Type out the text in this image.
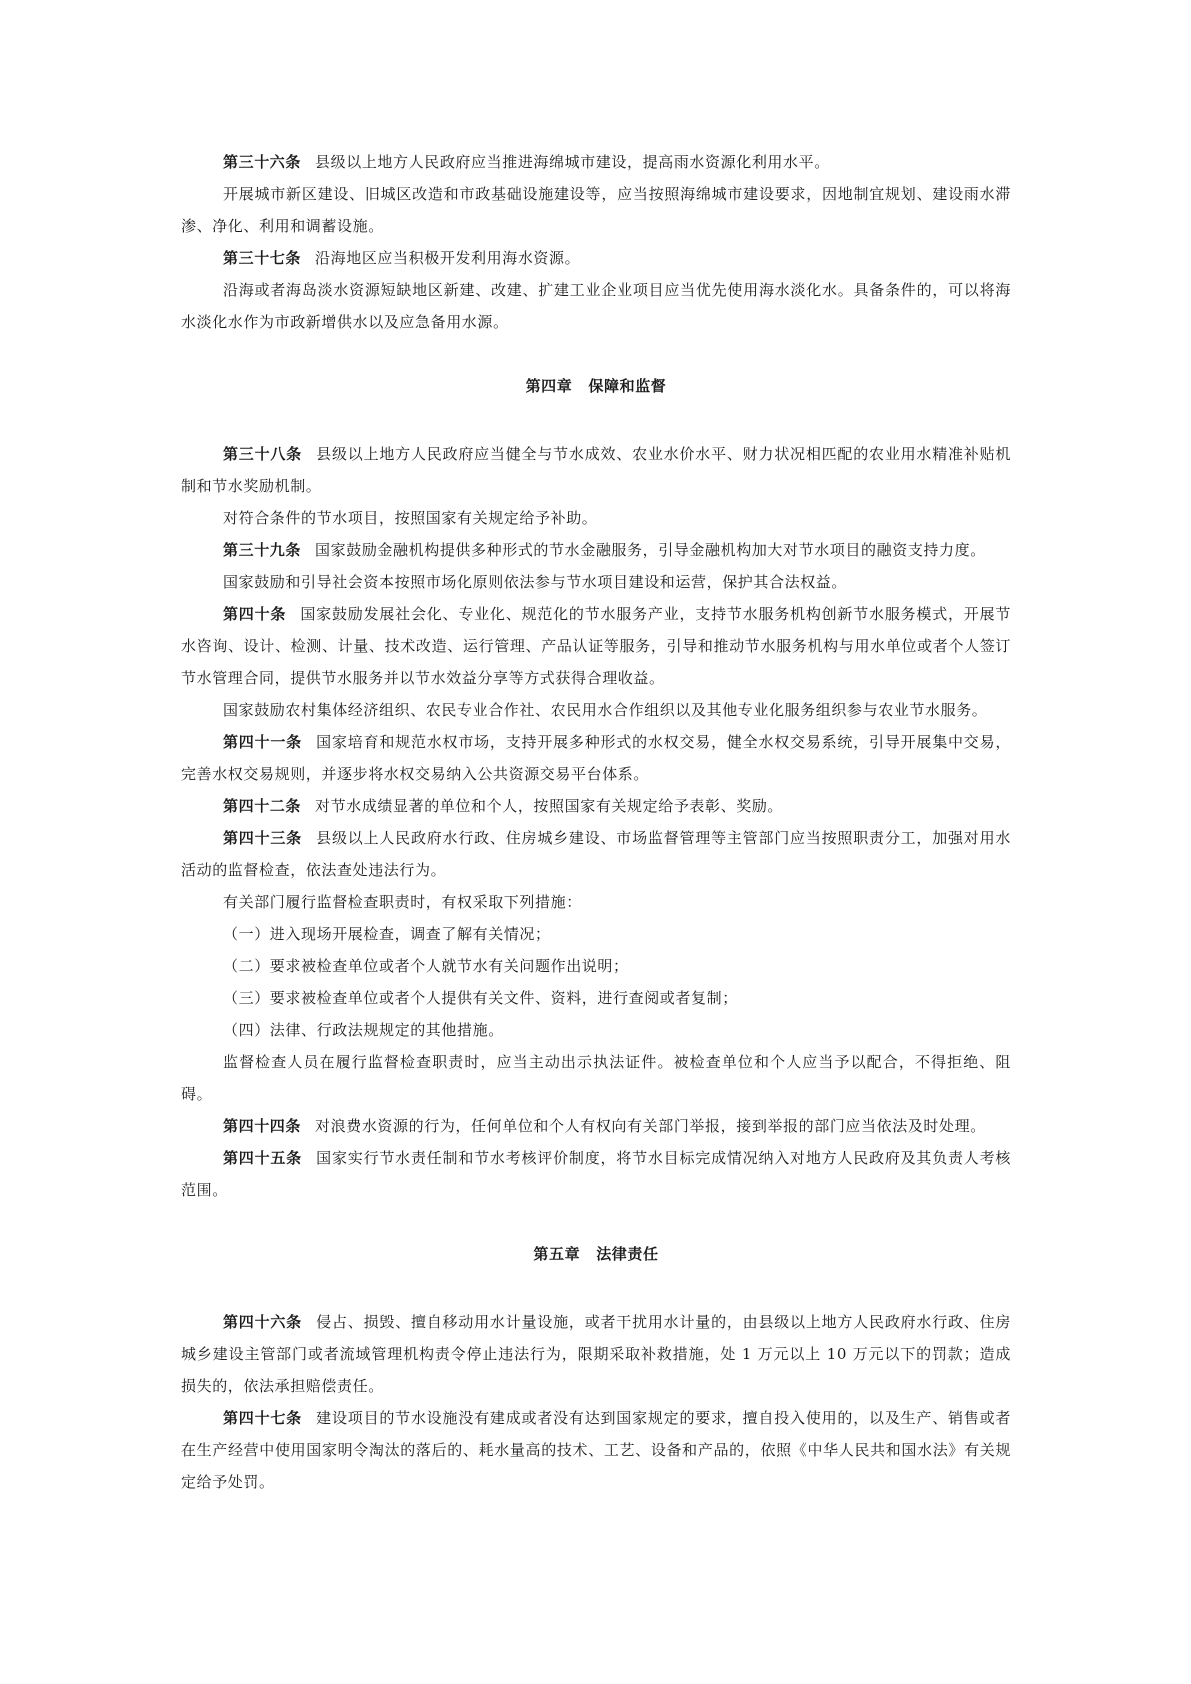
第三十六条 县级以上地方人民政府应当推进海绵城市建设，提高雨水资源化利用水平。

开展城市新区建设、旧城区改造和市政基础设施建设等，应当按照海绵城市建设要求，因地制宜规划、建设雨水滞渗、净化、利用和调蓄设施。

第三十七条 沿海地区应当积极开发利用海水资源。

沿海或者海岛淡水资源短缺地区新建、改建、扩建工业企业项目应当优先使用海水淡化水。具备条件的，可以将海水淡化水作为市政新增供水以及应急备用水源。

第四章 保障和监督

第三十八条 县级以上地方人民政府应当健全与节水成效、农业水价水平、财力状况相匹配的农业用水精准补贴机制和节水奖励机制。

对符合条件的节水项目，按照国家有关规定给予补助。

第三十九条 国家鼓励金融机构提供多种形式的节水金融服务，引导金融机构加大对节水项目的融资支持力度。

国家鼓励和引导社会资本按照市场化原则依法参与节水项目建设和运营，保护其合法权益。

第四十条 国家鼓励发展社会化、专业化、规范化的节水服务产业，支持节水服务机构创新节水服务模式，开展节水咨询、设计、检测、计量、技术改造、运行管理、产品认证等服务，引导和推动节水服务机构与用水单位或者个人签订节水管理合同，提供节水服务并以节水效益分享等方式获得合理收益。

国家鼓励农村集体经济组织、农民专业合作社、农民用水合作组织以及其他专业化服务组织参与农业节水服务。

第四十一条 国家培育和规范水权市场，支持开展多种形式的水权交易，健全水权交易系统，引导开展集中交易，完善水权交易规则，并逐步将水权交易纳入公共资源交易平台体系。

第四十二条 对节水成绩显著的单位和个人，按照国家有关规定给予表彰、奖励。

第四十三条 县级以上人民政府水行政、住房城乡建设、市场监督管理等主管部门应当按照职责分工，加强对用水活动的监督检查，依法查处违法行为。

有关部门履行监督检查职责时，有权采取下列措施：

（一）进入现场开展检查，调查了解有关情况；

（二）要求被检查单位或者个人就节水有关问题作出说明；

（三）要求被检查单位或者个人提供有关文件、资料，进行查阅或者复制；

（四）法律、行政法规规定的其他措施。

监督检查人员在履行监督检查职责时，应当主动出示执法证件。被检查单位和个人应当予以配合，不得拒绝、阻碍。

第四十四条 对浪费水资源的行为，任何单位和个人有权向有关部门举报，接到举报的部门应当依法及时处理。

第四十五条 国家实行节水责任制和节水考核评价制度，将节水目标完成情况纳入对地方人民政府及其负责人考核范围。

第五章 法律责任

第四十六条 侵占、损毁、擅自移动用水计量设施，或者干扰用水计量的，由县级以上地方人民政府水行政、住房城乡建设主管部门或者流域管理机构责令停止违法行为，限期采取补救措施，处 1 万元以上 10 万元以下的罚款；造成损失的，依法承担赔偿责任。

第四十七条 建设项目的节水设施没有建成或者没有达到国家规定的要求，擅自投入使用的，以及生产、销售或者在生产经营中使用国家明令淘汰的落后的、耗水量高的技术、工艺、设备和产品的，依照《中华人民共和国水法》有关规定给予处罚。
